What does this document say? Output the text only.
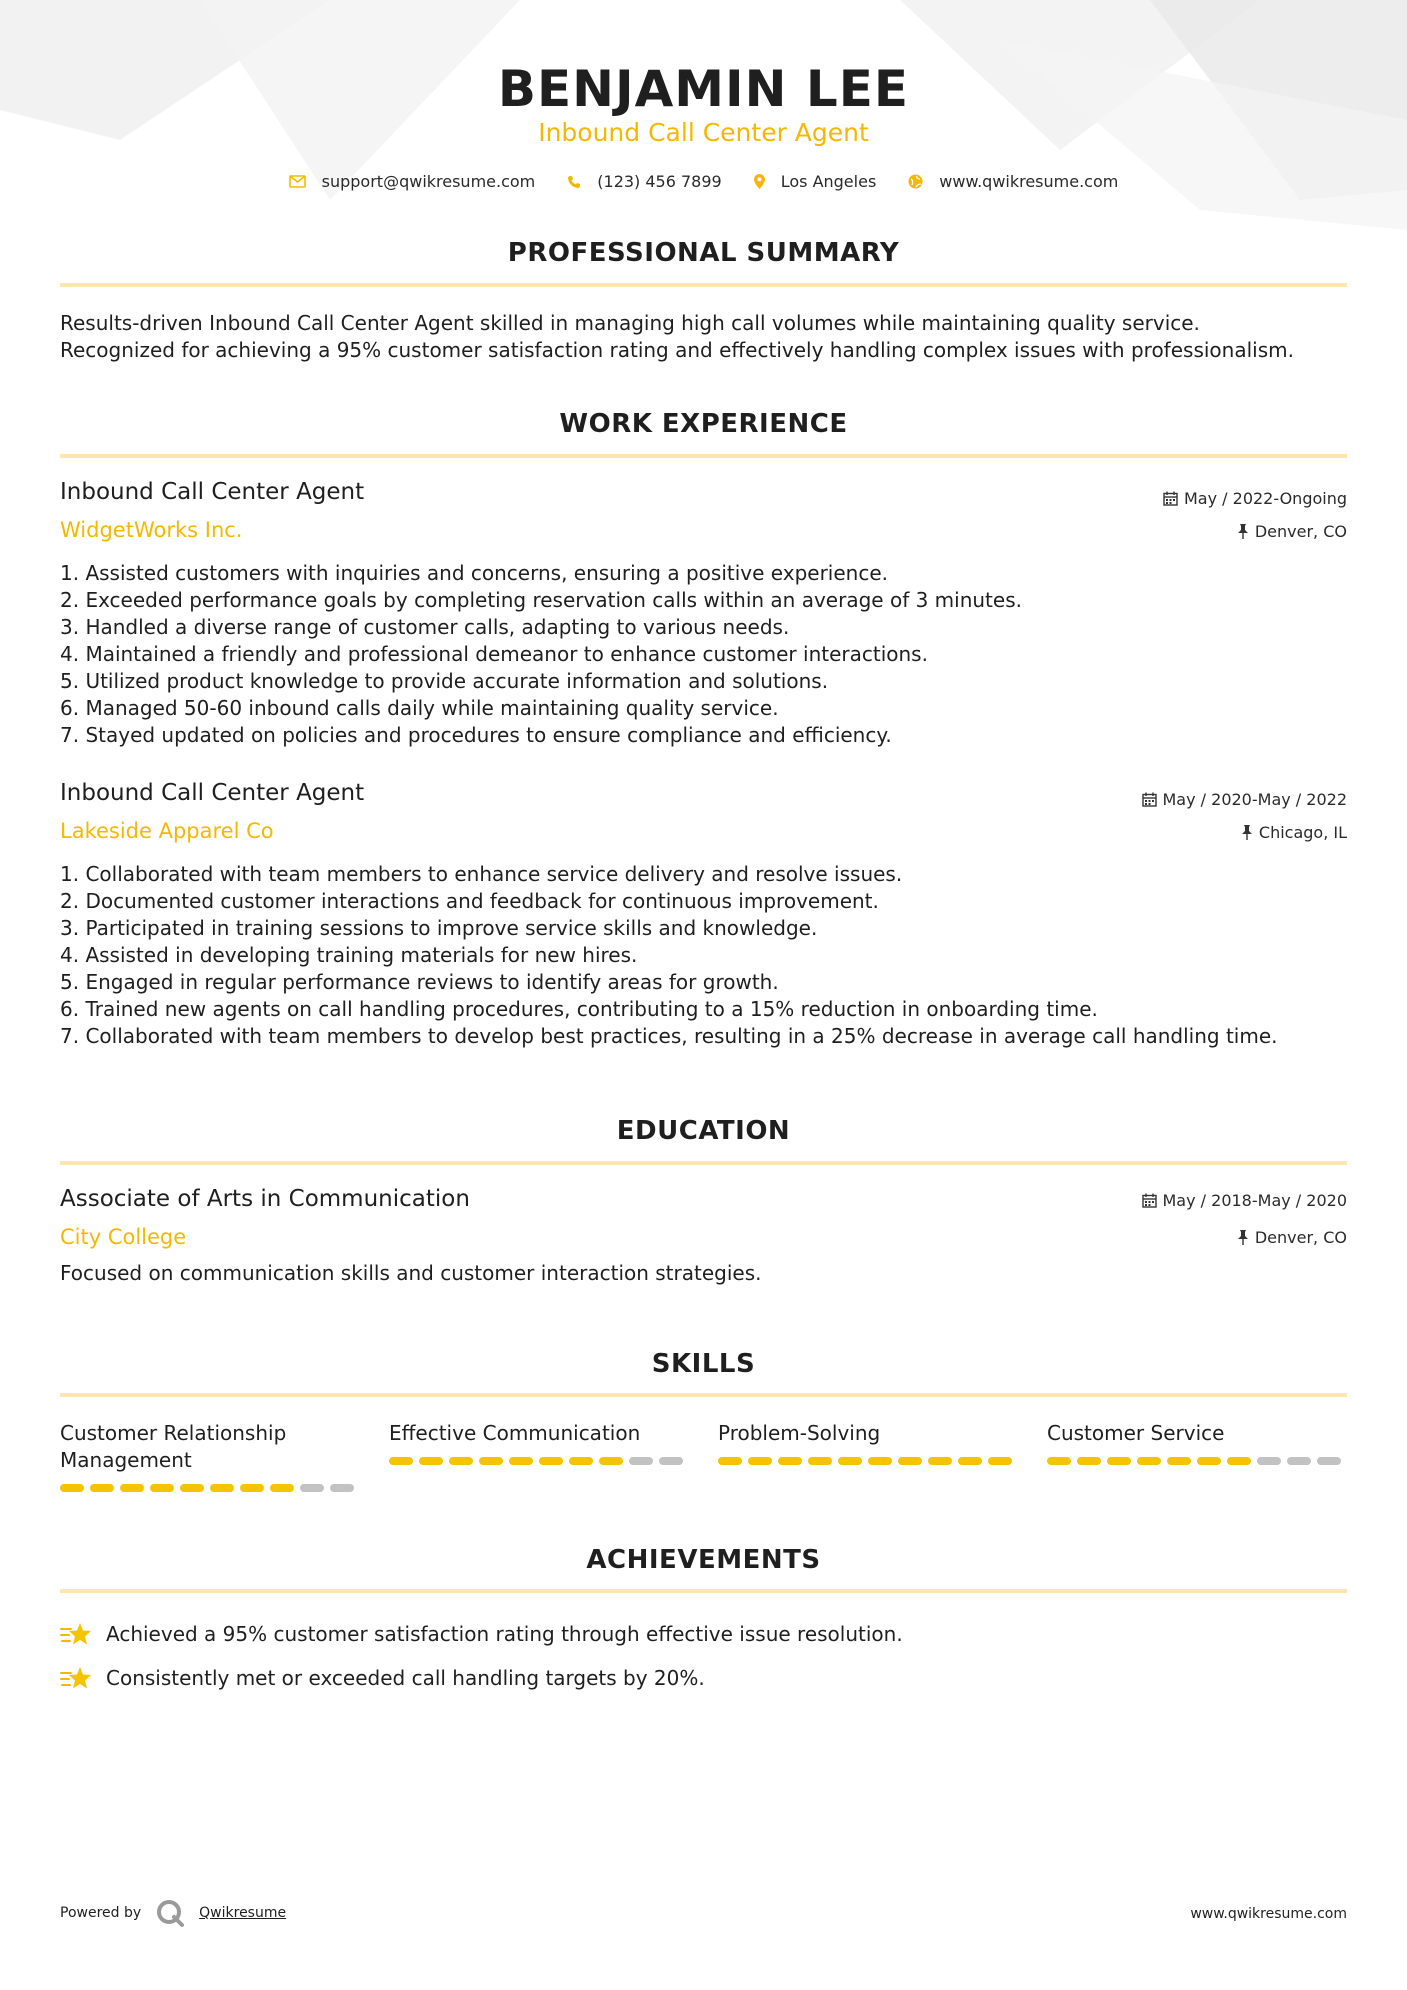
BENJAMIN LEE
Inbound Call Center Agent
support@qwikresume.com	(123) 456 7899	Los Angeles	www.qwikresume.com
PROFESSIONAL SUMMARY
Results-driven Inbound Call Center Agent skilled in managing high call volumes while maintaining quality service.
Recognized for achieving a 95% customer satisfaction rating and effectively handling complex issues with professionalism.
WORK EXPERIENCE
Inbound Call Center Agent
WidgetWorks Inc.
May / 2022-Ongoing
Denver, CO
1. Assisted customers with inquiries and concerns, ensuring a positive experience.
2. Exceeded performance goals by completing reservation calls within an average of 3 minutes.
3. Handled a diverse range of customer calls, adapting to various needs.
4. Maintained a friendly and professional demeanor to enhance customer interactions.
5. Utilized product knowledge to provide accurate information and solutions.
6. Managed 50-60 inbound calls daily while maintaining quality service.
7. Stayed updated on policies and procedures to ensure compliance and efficiency.
Inbound Call Center Agent
Lakeside Apparel Co
May / 2020-May / 2022
Chicago, IL
1. Collaborated with team members to enhance service delivery and resolve issues.
2. Documented customer interactions and feedback for continuous improvement.
3. Participated in training sessions to improve service skills and knowledge.
4. Assisted in developing training materials for new hires.
5. Engaged in regular performance reviews to identify areas for growth.
6. Trained new agents on call handling procedures, contributing to a 15% reduction in onboarding time.
7. Collaborated with team members to develop best practices, resulting in a 25% decrease in average call handling time.
EDUCATION
Associate of Arts in Communication
City College
May / 2018-May / 2020
Denver, CO
Focused on communication skills and customer interaction strategies.
SKILLS
Customer Relationship Management
Effective Communication	Problem-Solving	Customer Service
ACHIEVEMENTS
Achieved a 95% customer satisfaction rating through effective issue resolution.
Consistently met or exceeded call handling targets by 20%.
Powered by	Qwikresume	www.qwikresume.com
